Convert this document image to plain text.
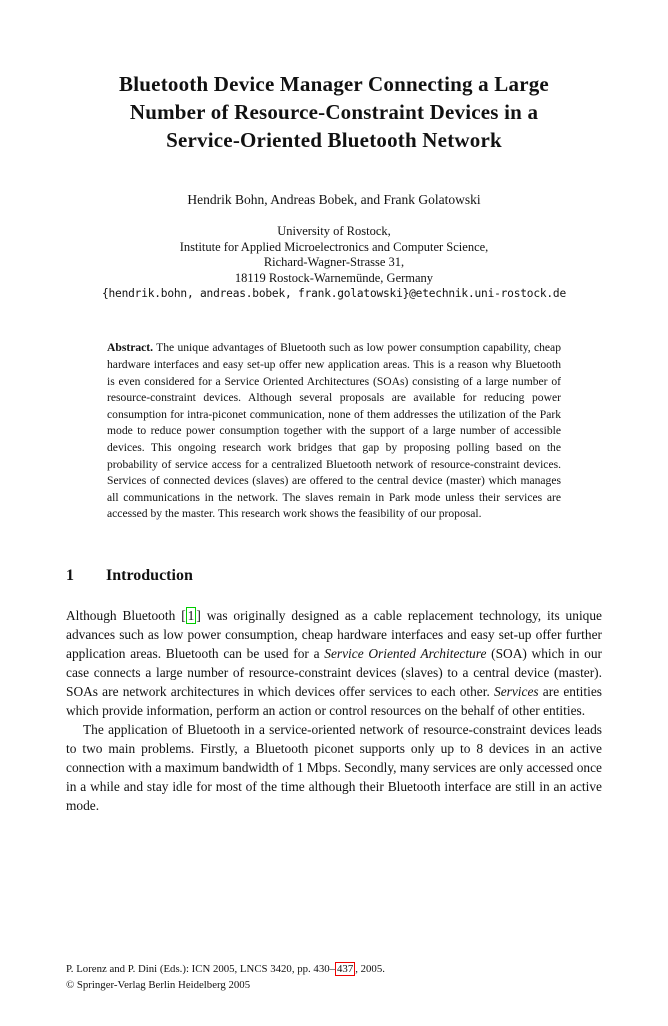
Bluetooth Device Manager Connecting a Large
Number of Resource-Constraint Devices in a
Service-Oriented Bluetooth Network
Hendrik Bohn, Andreas Bobek, and Frank Golatowski
University of Rostock,
Institute for Applied Microelectronics and Computer Science,
Richard-Wagner-Strasse 31,
18119 Rostock-Warnemünde, Germany
{hendrik.bohn, andreas.bobek, frank.golatowski}@etechnik.uni-rostock.de
Abstract. The unique advantages of Bluetooth such as low power consumption capability, cheap hardware interfaces and easy set-up offer new application areas. This is a reason why Bluetooth is even considered for a Service Oriented Architectures (SOAs) consisting of a large number of resource-constraint devices. Although several proposals are available for reducing power consumption for intra-piconet communication, none of them addresses the utilization of the Park mode to reduce power consumption together with the support of a large number of accessible devices. This ongoing research work bridges that gap by proposing polling based on the probability of service access for a centralized Bluetooth network of resource-constraint devices. Services of connected devices (slaves) are offered to the central device (master) which manages all communications in the network. The slaves remain in Park mode unless their services are accessed by the master. This research work shows the feasibility of our proposal.
1 Introduction

Although Bluetooth [ 1 ] was originally designed as a cable replacement technology, its unique advances such as low power consumption, cheap hardware interfaces and easy set-up offer further application areas. Bluetooth can be used for a Service Oriented Architecture (SOA) which in our case connects a large number of resource-constraint devices (slaves) to a central device (master). SOAs are network architectures in which devices offer services to each other. Services are entities which provide information, perform an action or control resources on the behalf of other entities.

The application of Bluetooth in a service-oriented network of resource-constraint devices leads to two main problems. Firstly, a Bluetooth piconet supports only up to 8 devices in an active connection with a maximum bandwidth of 1 Mbps. Secondly, many services are only accessed once in a while and stay idle for most of the time although their Bluetooth interface are still in an active mode.

P. Lorenz and P. Dini (Eds.): ICN 2005, LNCS 3420, pp. 430– 437 , 2005.
© Springer-Verlag Berlin Heidelberg 2005
